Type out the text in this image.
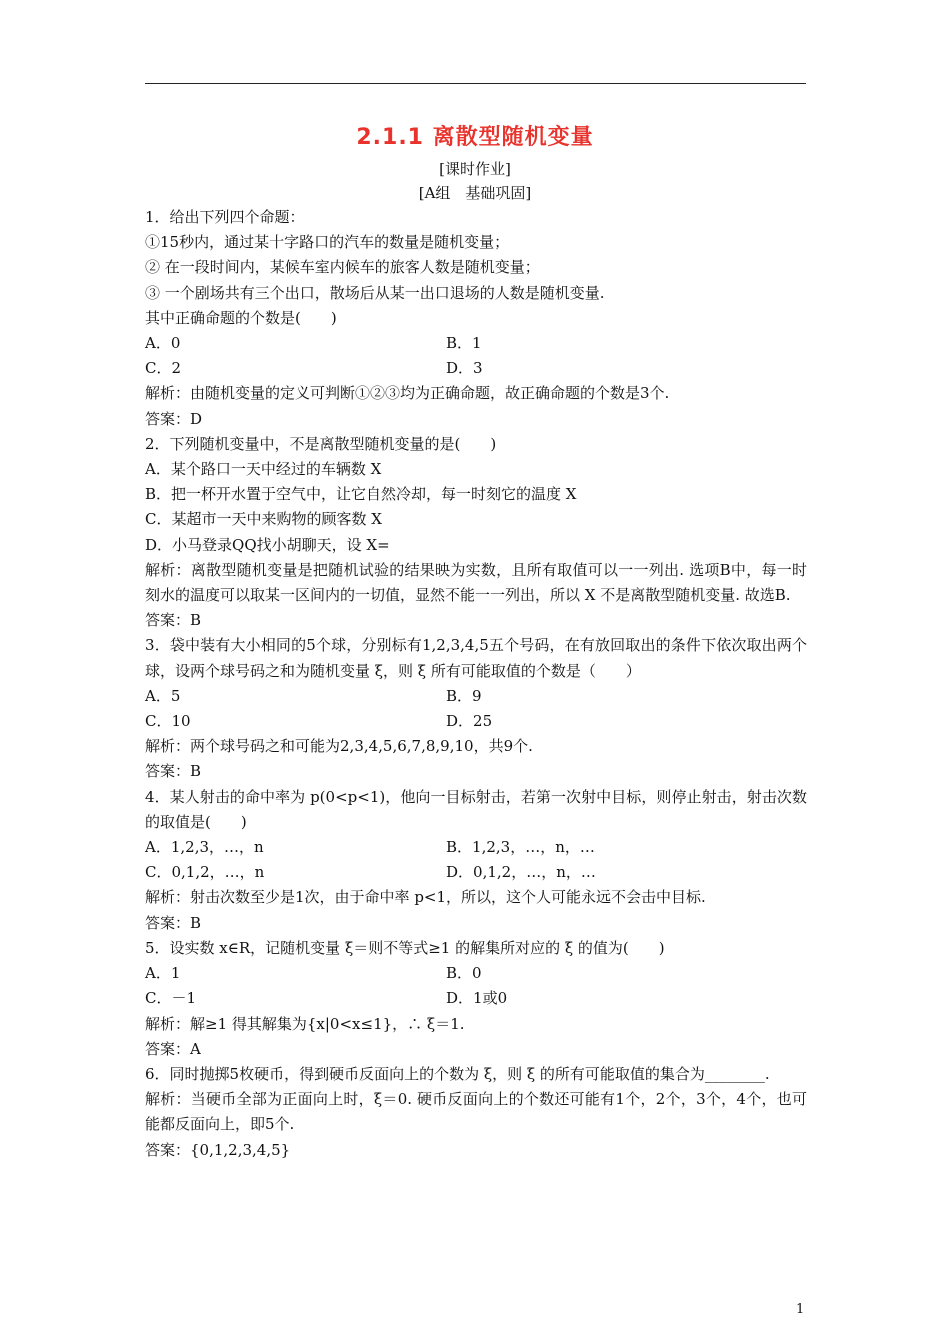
2.1.1 离散型随机变量
[课时作业]
[A组　基础巩固]
1．给出下列四个命题：
①15秒内，通过某十字路口的汽车的数量是随机变量；
② 在一段时间内，某候车室内候车的旅客人数是随机变量；
③ 一个剧场共有三个出口，散场后从某一出口退场的人数是随机变量.
其中正确命题的个数是(　　)
A．0	B．1
C．2	D．3
解析：由随机变量的定义可判断①②③均为正确命题，故正确命题的个数是3个.
答案：D
2．下列随机变量中，不是离散型随机变量的是(　　)
A．某个路口一天中经过的车辆数 X
B．把一杯开水置于空气中，让它自然冷却，每一时刻它的温度 X
C．某超市一天中来购物的顾客数 X
D．小马登录QQ找小胡聊天，设 X=
解析：离散型随机变量是把随机试验的结果映为实数，且所有取值可以一一列出. 选项B中，每一时刻水的温度可以取某一区间内的一切值，显然不能一一列出，所以 X 不是离散型随机变量. 故选B.
答案：B
3．袋中装有大小相同的5个球，分别标有1,2,3,4,5五个号码，在有放回取出的条件下依次取出两个球，设两个球号码之和为随机变量 ξ，则 ξ 所有可能取值的个数是（　　）
A．5	B．9
C．10	D．25
解析：两个球号码之和可能为2,3,4,5,6,7,8,9,10，共9个.
答案：B
4．某人射击的命中率为 p(0<p<1)，他向一目标射击，若第一次射中目标，则停止射击，射击次数的取值是(　　)
A．1,2,3，…，n	B．1,2,3，…，n，…
C．0,1,2，…，n	D．0,1,2，…，n，…
解析：射击次数至少是1次，由于命中率 p<1，所以，这个人可能永远不会击中目标.
答案：B
5．设实数 x∈R，记随机变量 ξ＝则不等式≥1 的解集所对应的 ξ 的值为(　　)
A．1	B．0
C．－1	D．1或0
解析：解≥1 得其解集为{x|0<x≤1}，∴ ξ＝1.
答案：A
6．同时抛掷5枚硬币，得到硬币反面向上的个数为 ξ，则 ξ 的所有可能取值的集合为________.
解析：当硬币全部为正面向上时，ξ＝0. 硬币反面向上的个数还可能有1个，2个，3个，4个，也可能都反面向上，即5个.
答案：{0,1,2,3,4,5}
1
